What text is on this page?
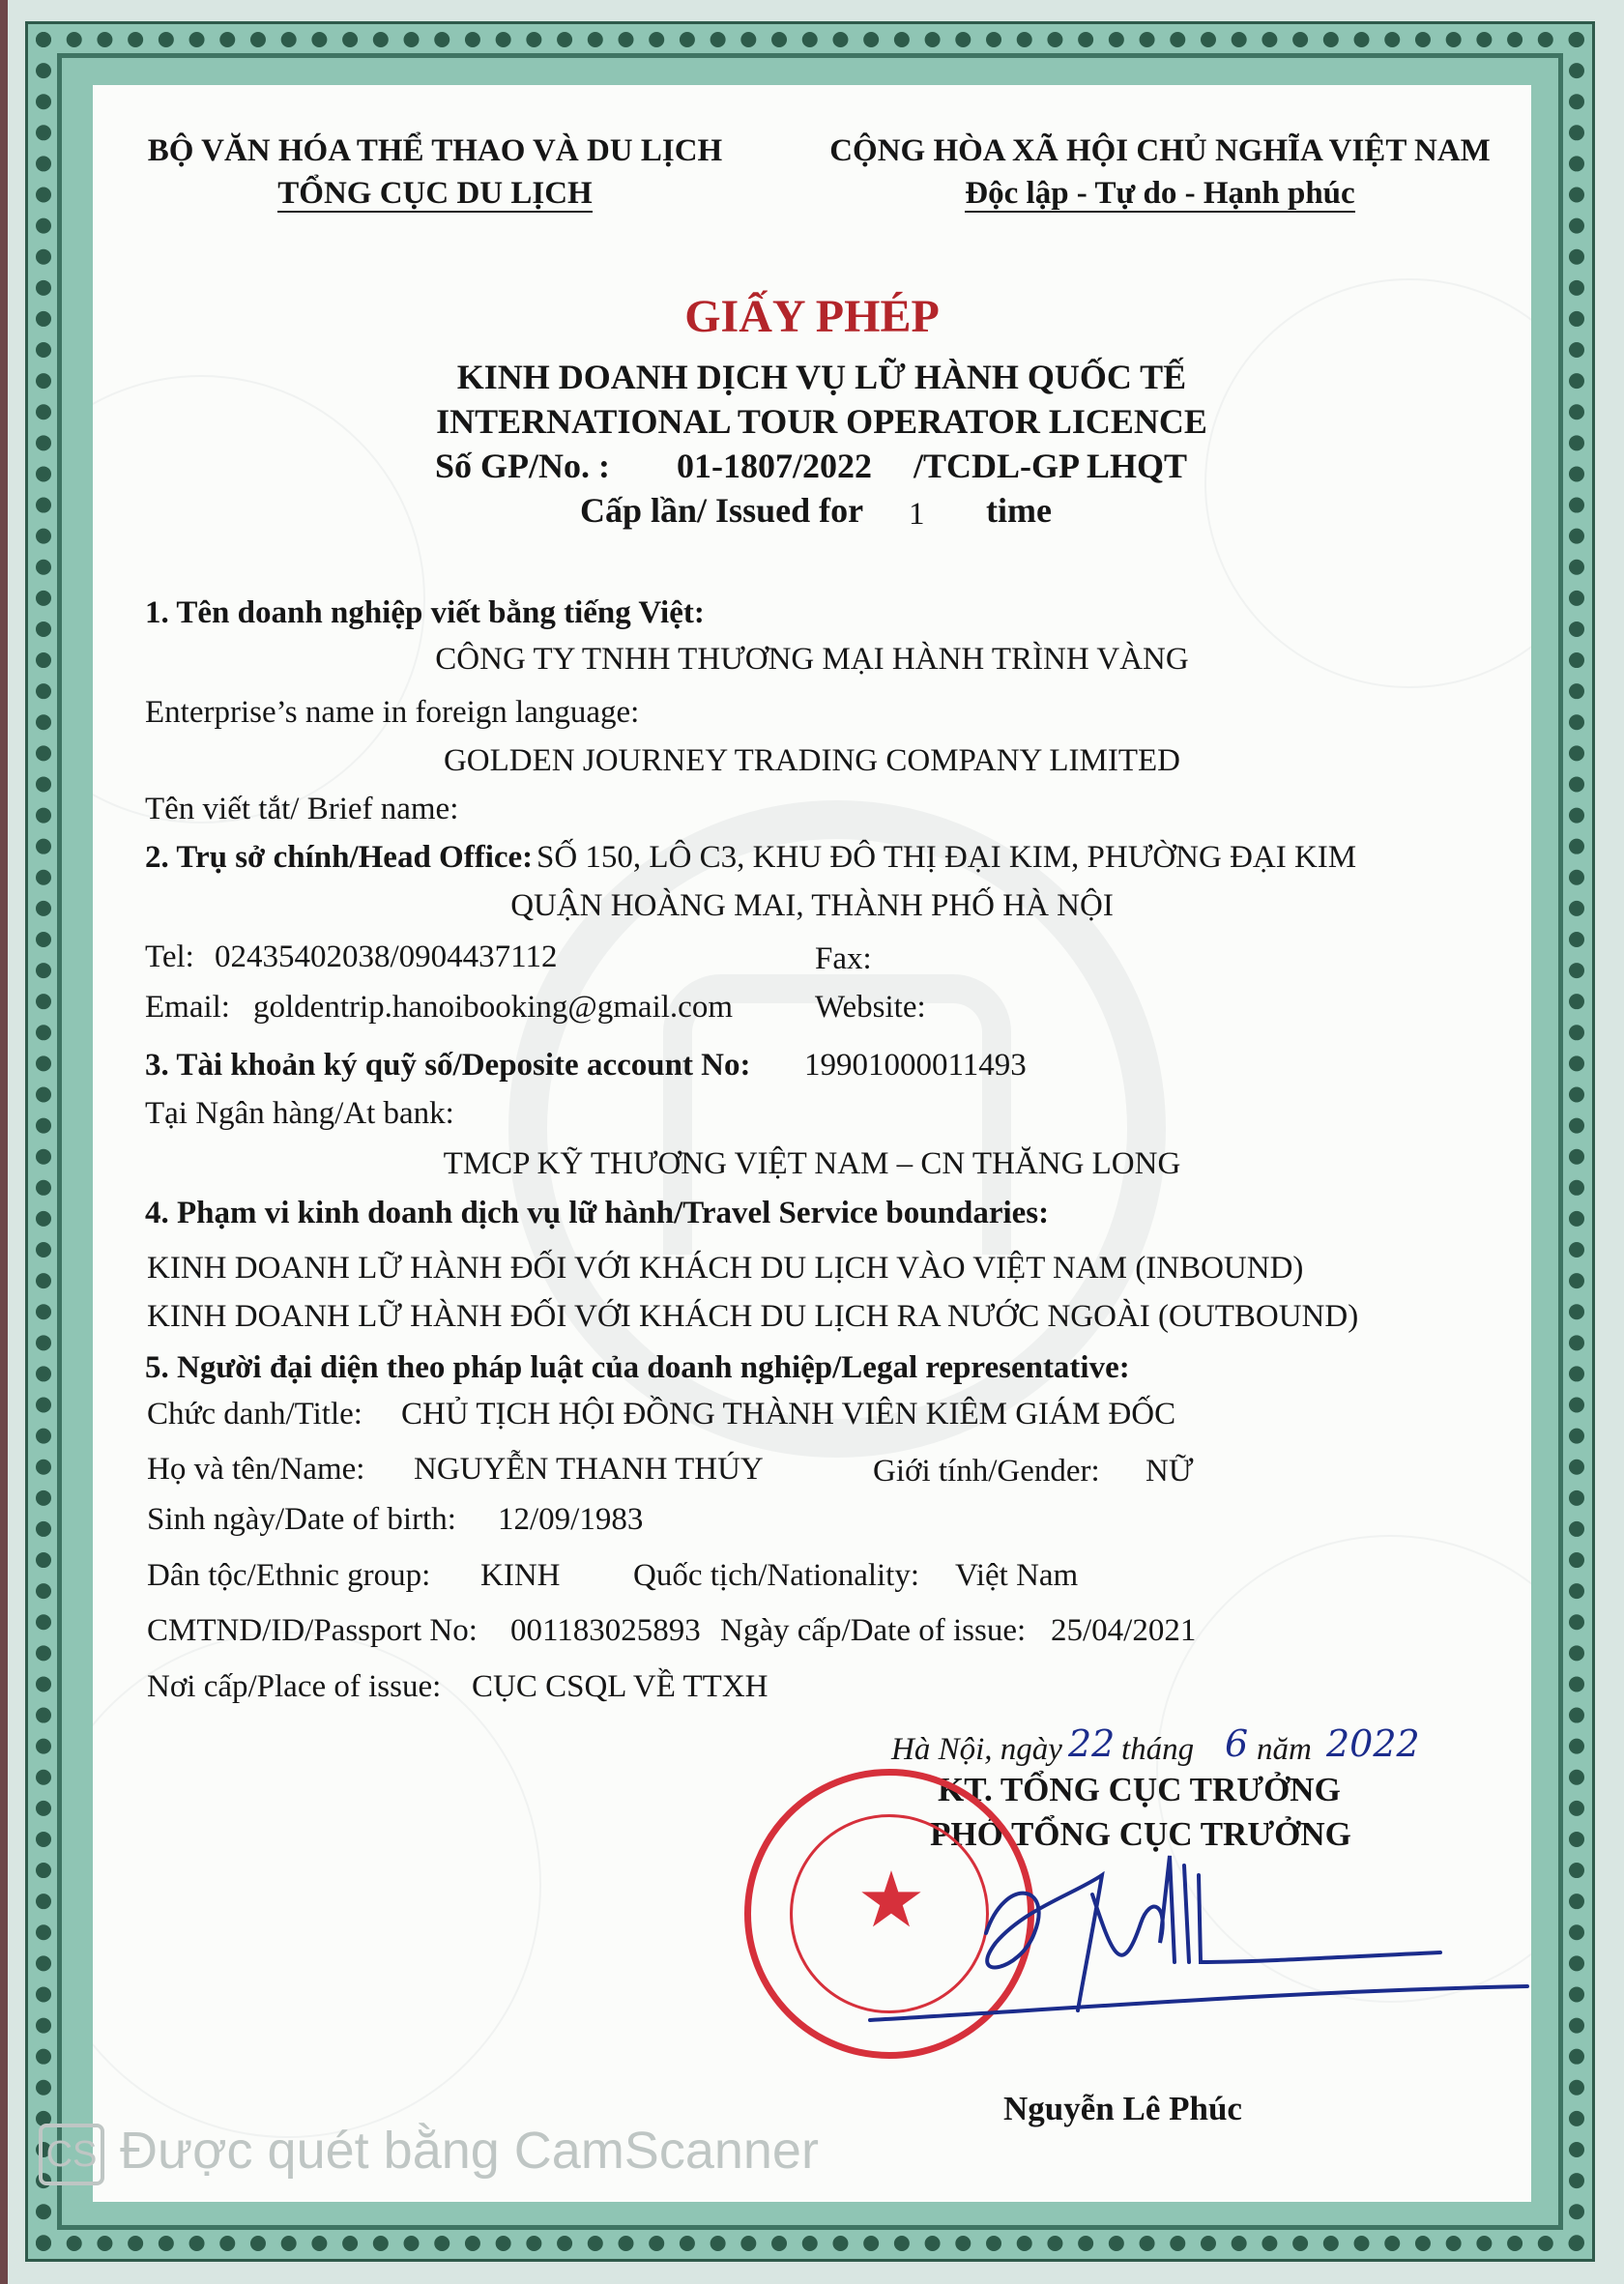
BỘ VĂN HÓA THỂ THAO VÀ DU LỊCH
TỔNG CỤC DU LỊCH
CỘNG HÒA XÃ HỘI CHỦ NGHĨA VIỆT NAM
Độc lập - Tự do - Hạnh phúc
GIẤY PHÉP
KINH DOANH DỊCH VỤ LỮ HÀNH QUỐC TẾ
INTERNATIONAL TOUR OPERATOR LICENCE
Số GP/No. : 01-1807/2022 /TCDL-GP LHQT
Cấp lần/ Issued for 1 time
1. Tên doanh nghiệp viết bằng tiếng Việt:
CÔNG TY TNHH THƯƠNG MẠI HÀNH TRÌNH VÀNG
Enterprise’s name in foreign language:
GOLDEN JOURNEY TRADING COMPANY LIMITED
Tên viết tắt/ Brief name:
2. Trụ sở chính/Head Office: SỐ 150, LÔ C3, KHU ĐÔ THỊ ĐẠI KIM, PHƯỜNG ĐẠI KIM
QUẬN HOÀNG MAI, THÀNH PHỐ HÀ NỘI
Tel: 02435402038/0904437112	Fax:
Email: goldentrip.hanoibooking@gmail.com	Website:
3. Tài khoản ký quỹ số/Deposite account No: 19901000011493
Tại Ngân hàng/At bank:
TMCP KỸ THƯƠNG VIỆT NAM – CN THĂNG LONG
4. Phạm vi kinh doanh dịch vụ lữ hành/Travel Service boundaries:
KINH DOANH LỮ HÀNH ĐỐI VỚI KHÁCH DU LỊCH VÀO VIỆT NAM (INBOUND)
KINH DOANH LỮ HÀNH ĐỐI VỚI KHÁCH DU LỊCH RA NƯỚC NGOÀI (OUTBOUND)
5. Người đại diện theo pháp luật của doanh nghiệp/Legal representative:
Chức danh/Title: CHỦ TỊCH HỘI ĐỒNG THÀNH VIÊN KIÊM GIÁM ĐỐC
Họ và tên/Name: NGUYỄN THANH THÚY	Giới tính/Gender: NỮ
Sinh ngày/Date of birth: 12/09/1983
Dân tộc/Ethnic group: KINH Quốc tịch/Nationality: Việt Nam
CMTND/ID/Passport No: 001183025893 Ngày cấp/Date of issue: 25/04/2021
Nơi cấp/Place of issue: CỤC CSQL VỀ TTXH
Hà Nội, ngày 22 tháng 6 năm 2022
KT. TỔNG CỤC TRƯỞNG
PHÓ TỔNG CỤC TRƯỞNG
★
Nguyễn Lê Phúc
CS Được quét bằng CamScanner
